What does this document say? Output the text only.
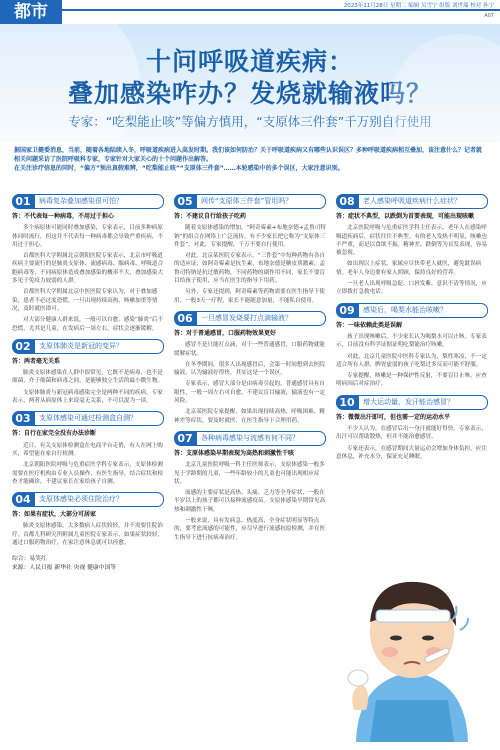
都市	2023年11月28日 星期二 编辑 吴雪宁 组版 刘世瑞 校对 孙宁
A07
十问呼吸道疾病：
叠加感染咋办？发烧就输液吗？
专家：“吃梨能止咳”等偏方慎用，“支原体三件套”千万别自行使用
据国家卫健委消息，当前，随着各地陆续入冬，呼吸道疾病进入高发时期。我们该如何防治？关于呼吸道疾病又有哪些认识误区？多种呼吸道疾病相互叠加，该注意什么？记者就相关问题采访了医院呼吸科专家，专家针对大家关心的十个问题作出解答。
在关注诊疗信息的同时，“偏方”预出真假难辨，“吃梨能止咳”“支原体三件套”……本轮感染中的多个误区，大家注意识别。
01	病毒复杂叠加感染很可怕？
答：不代表每一种病毒，不用过于担心

多个病原体可能同时叠加感染，专家表示，目前多种病原体同时流行，但这并不代表每一种病毒都会导致严重疾病，不用过于担心。

首都医科大学附属北京朝阳医院专家表示，北京市呼吸道疾病主要流行的是肺炎支原体、流感病毒、腺病毒、呼吸道合胞病毒等，不同病原体造成叠加感染的概率不大，叠加感染大多见于免疫力较弱的人群。

首都医科大学附属北京中医医院专家认为，对于叠加感染，患者不必过度恐慌。一旦出现持续高热、咳嗽加重等情况，及时就医即可。

对大部分健康人群来说，一般可以自愈。感染“肺炎”后不恐慌，尤其是儿童，在发病后一周左右，症状会逐渐缓解。

02	支原体肺炎是新冠的变异？
答：两者毫无关系

肺炎支原体感染在人群中很常见，它既不是病毒，也不是细菌，介于细菌和病毒之间，是能够独立生活的最小微生物。

支原体肺炎与新冠病毒感染完全是两种不同的疾病。专家表示，两者从病原体上来说毫无关系，不可以混为一谈。

03	支原体感染可通过检测盒自测？
答：自行在家完全没有办法诊断

近日，有关支原体检测盒在电商平台走俏，有人在网上购买，希望能在家自行检测。

北京朝阳医院呼吸与危重症医学科专家表示，支原体检测需要在医疗机构由专业人员操作，有医生指导，结合症状和检查才能确诊，不建议家长在家给孩子自测。

04	支原体感染必须住院治疗？
答：如果有症状，大部分可居家

肺炎支原体感染，大多数病人症状较轻，并不需要住院治疗。首都儿科研究所附属儿童医院专家表示，如果症状较轻，通过口服药物治疗，在家注意休息就可以痊愈。

综合：易笑红
来源：人民日报 新华社 央视 健康中国等
05	网传“支原体三件套”管用吗？
答：不建议自行给孩子吃药

随着支原体感染的增加，“阿奇霉素+布地奈德+孟鲁司特钠”的组合在网络上广泛流传，有不少家长把它称为“支原体三件套”。对此，专家提醒，千万不要自行使用。

对此，北京某医院专家表示，“三件套”中每种药物有各自的适应证，如阿奇霉素是抗生素，布地奈德是糖皮质激素，孟鲁司特钠是抗过敏药物，不同药物的副作用不同，家长不要盲目给孩子使用，应当在医生的指导下用药。

另外，专家还提到，阿奇霉素等药物需要在医生指导下使用，一般3天一疗程，家长不能随意加量，不能私自使用。

06	一旦感冒发烧要打点滴输液？
答：对于普通感冒，口服药物效果更好

感冒不是只能打点滴，对于一些普通感冒，口服药物就能缓解症状。

在冬季期间，很多人出现感冒后，会第一时间想到去医院输液，认为输液好得快。其实这是一个误区。

专家表示，感冒大部分是由病毒引起的，普通感冒具有自限性，一般一周左右可自愈，不建议盲目输液，输液也有一定风险。

北京某医院专家提醒，如果出现持续高热、呼吸困难、精神差等症状，要及时就医，在医生指导下合理用药。

07	各种病毒感染与流感有何不同？
答：支原体感染早期表现为高热和刺激性干咳

北京儿童医院呼吸一科主任医师表示，支原体感染一般多见于学龄期的儿童，一些年龄较小的儿童也可能出现相应症状。

流感的主要症状是高热、头痛、乏力等全身症状，一般在半岁以上的孩子都可以接种流感疫苗。支原体感染早期常见高热和刺激性干咳。

一般来说，具有发病急、热度高、全身症状明显等特点的，要考虑流感的可能性，应尽早进行流感抗原检测，并在医生指导下进行抗病毒治疗。

08	老人感染呼吸道疾病什么症状？
答：症状不典型，以跌倒为首要表现，可能出现咳嗽

北京医院呼吸与危重症医学科主任表示，老年人在感染呼吸道疾病后，症状往往不典型。有的老人发热不明显，咳嗽也不严重，而是以食欲不振、精神差、跌倒等为首发表现，容易被忽视。

如出现以上症状，家属应尽快带老人就医，避免耽误病情。老年人身边要有家人照顾，保持良好的营养。

一旦老人出现呼吸急促、口唇发紫、意识不清等情况，应立即拨打急救电话。

09	感染后，喝梨水能治咳嗽？
答：一味依赖此类是误解

孩子出现咳嗽后，不少家长认为喝梨水可以止咳。专家表示，目前没有科学证据证明吃梨能治疗咳嗽。

对此，北京儿童医院中医科专家认为，梨性寒凉，不一定适合所有人群，脾胃虚弱的孩子吃梨过多反而可能不舒服。

专家提醒，咳嗽是一种保护性反射，不要盲目止咳，应查明病因后对症治疗。

10	增大运动量，发汗能治感冒？
答：微微出汗即可，但也需一定的运动水平

不少人认为，在感冒后出一身汗就能好得快。专家表示，出汗可以帮助散热，但并不能治愈感冒。

专家还表示，在感冒期间大量运动会增加身体负担，应注意休息，补充水分，保证充足睡眠。
